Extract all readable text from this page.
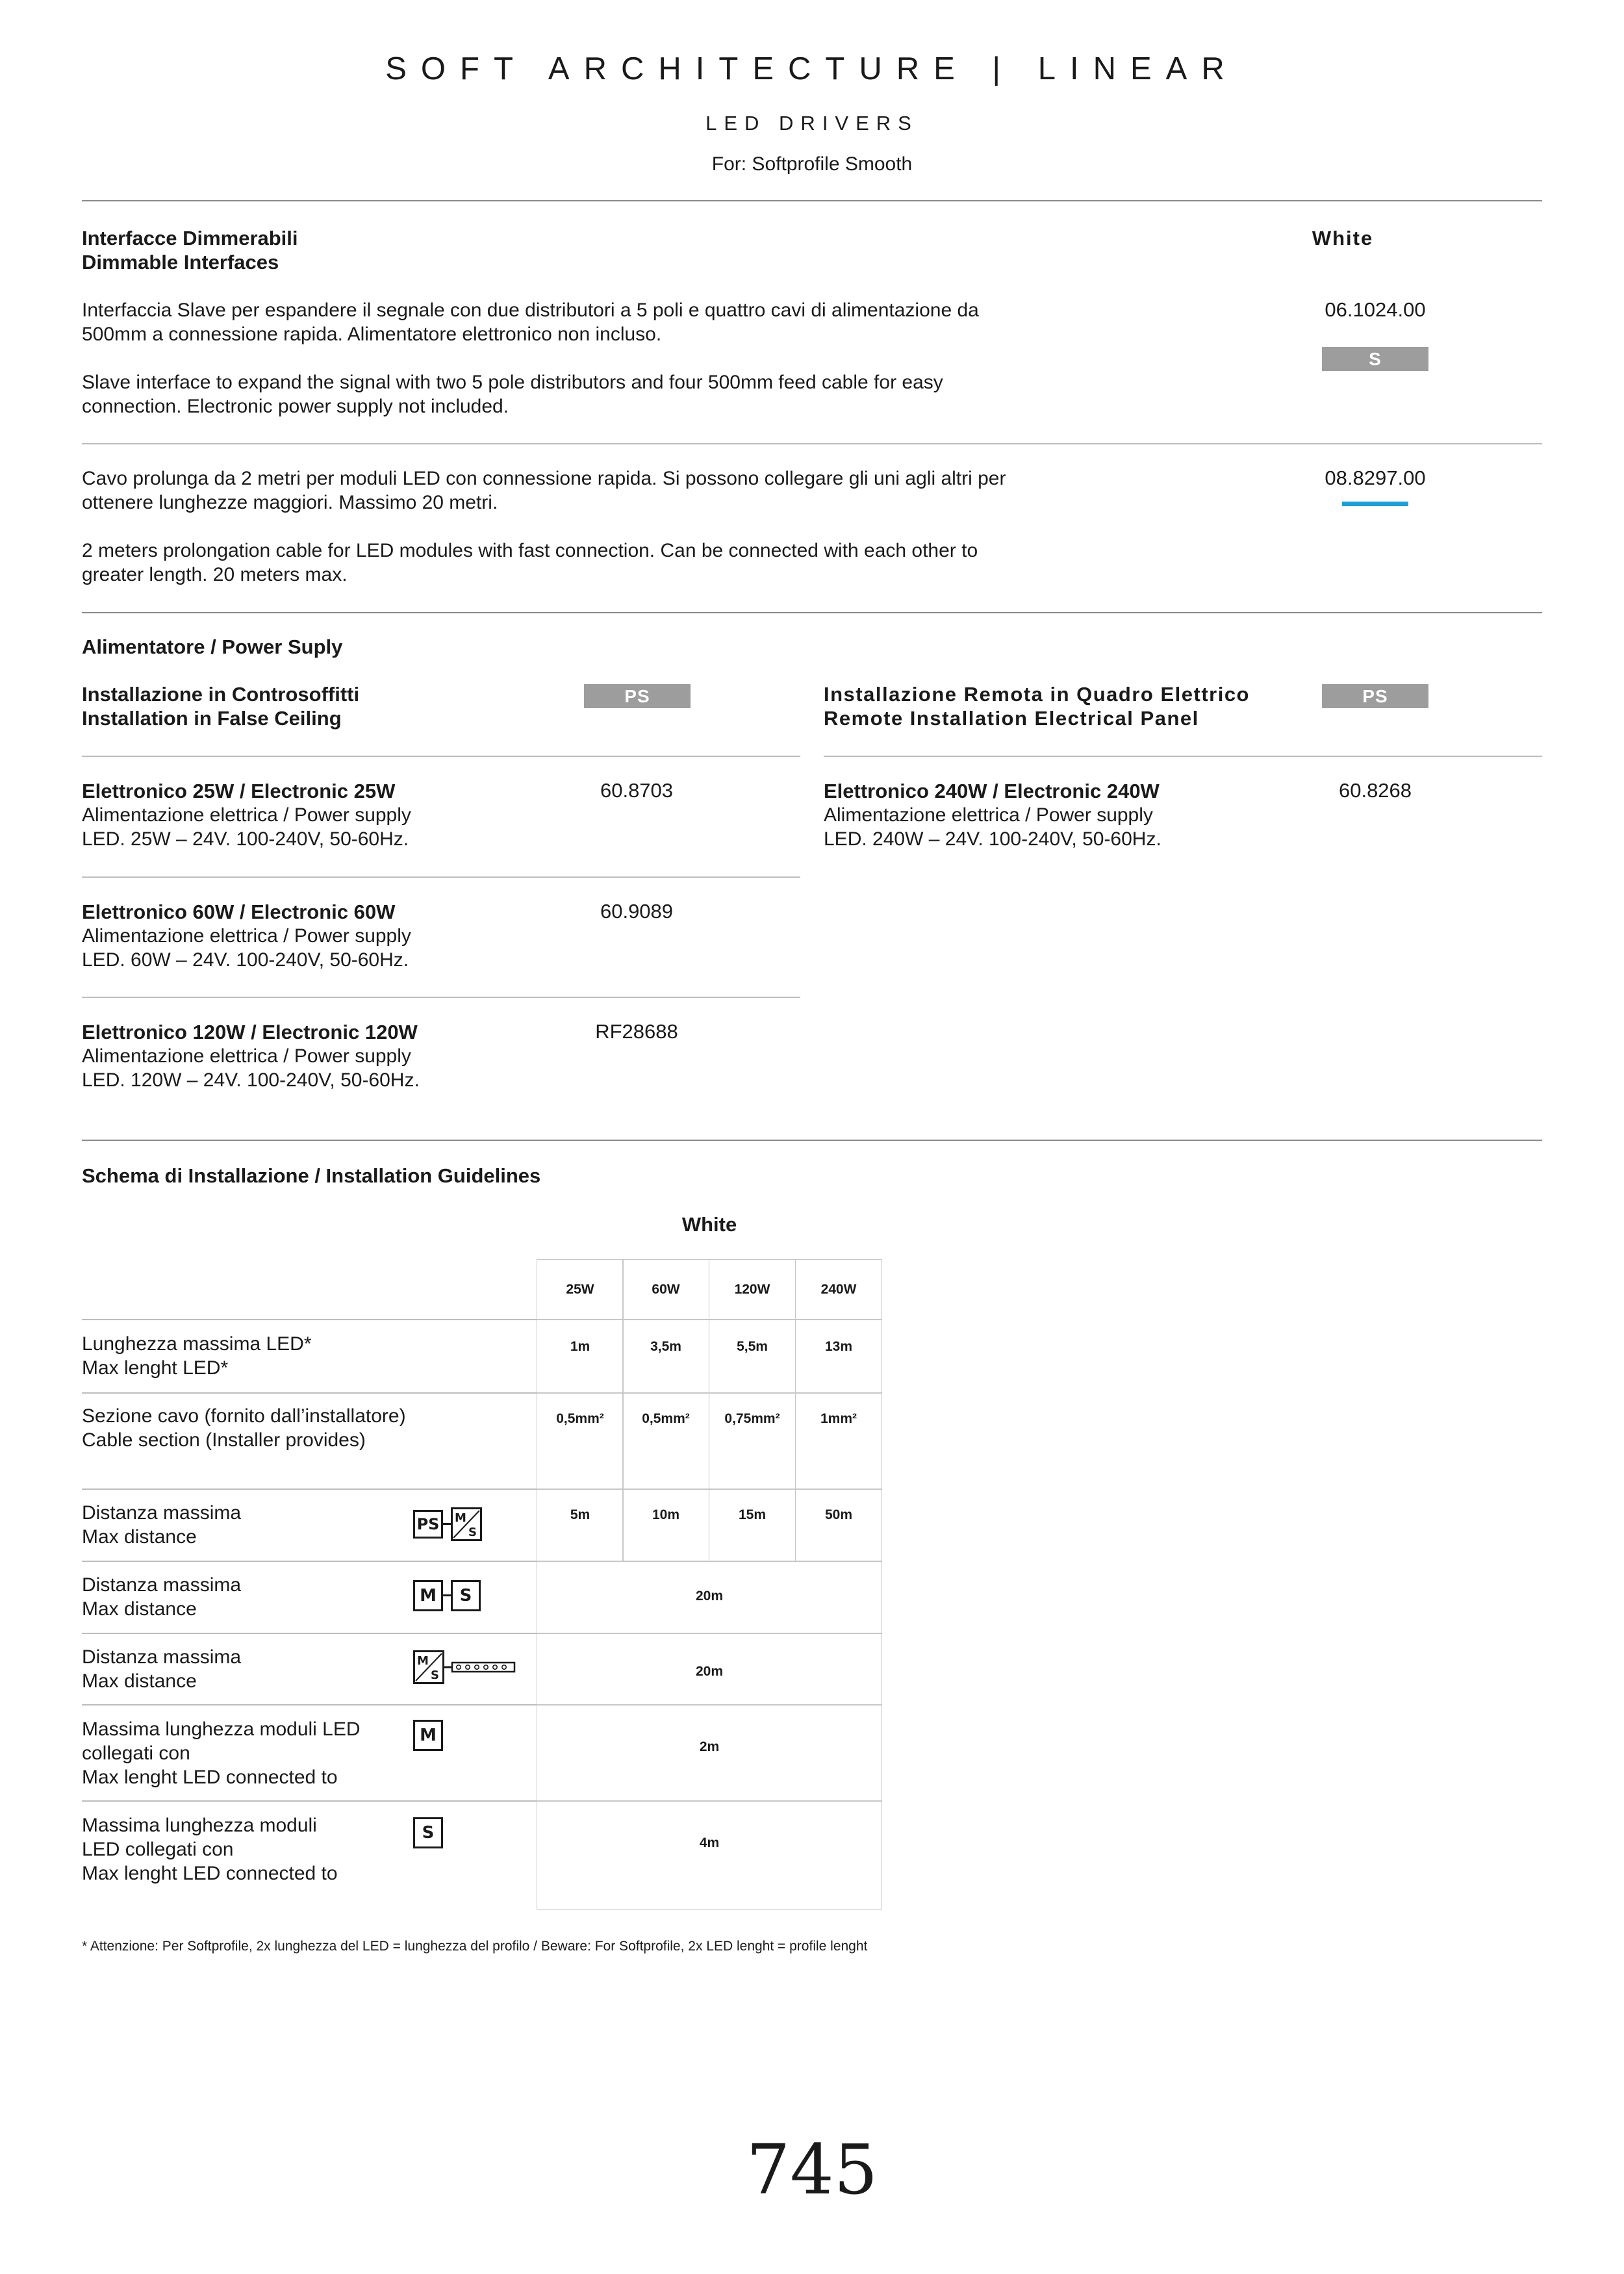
SOFT ARCHITECTURE | LINEAR
LED DRIVERS
For: Softprofile Smooth
Interfacce Dimmerabili
Dimmable Interfaces
White
Interfaccia Slave per espandere il segnale con due distributori a 5 poli e quattro cavi di alimentazione da
500mm a connessione rapida. Alimentatore elettronico non incluso.
Slave interface to expand the signal with two 5 pole distributors and four 500mm feed cable for easy
connection. Electronic power supply not included.
06.1024.00
S
Cavo prolunga da 2 metri per moduli LED con connessione rapida. Si possono collegare gli uni agli altri per
ottenere lunghezze maggiori. Massimo 20 metri.
2 meters prolongation cable for LED modules with fast connection. Can be connected with each other to
greater length. 20 meters max.
08.8297.00
Alimentatore / Power Suply
Installazione in Controsoffitti
Installation in False Ceiling
PS	Installazione Remota in Quadro Elettrico
Remote Installation Electrical Panel
PS
Elettronico 25W / Electronic 25W
Alimentazione elettrica / Power supply
LED. 25W – 24V. 100-240V, 50-60Hz.
60.8703
Elettronico 60W / Electronic 60W
Alimentazione elettrica / Power supply
LED. 60W – 24V. 100-240V, 50-60Hz.
60.9089
Elettronico 120W / Electronic 120W
Alimentazione elettrica / Power supply
LED. 120W – 24V. 100-240V, 50-60Hz.
RF28688
Elettronico 240W / Electronic 240W
Alimentazione elettrica / Power supply
LED. 240W – 24V. 100-240V, 50-60Hz.
60.8268
Schema di Installazione / Installation Guidelines
White
25W	60W	120W	240W
Lunghezza massima LED*
Max lenght LED*
1m	3,5m	5,5m	13m
Sezione cavo (fornito dall’installatore)
Cable section (Installer provides)
0,5mm²	0,5mm²	0,75mm²	1mm²
Distanza massima
Max distance
PS	M
S
5m	10m	15m	50m
Distanza massima
Max distance
M	S	20m
Distanza massima
Max distance
M
S	20m
Massima lunghezza moduli LED
collegati con
Max lenght LED connected to
M
2m
Massima lunghezza moduli
LED collegati con
Max lenght LED connected to
S
4m
* Attenzione: Per Softprofile, 2x lunghezza del LED = lunghezza del profilo / Beware: For Softprofile, 2x LED lenght = profile lenght
745
